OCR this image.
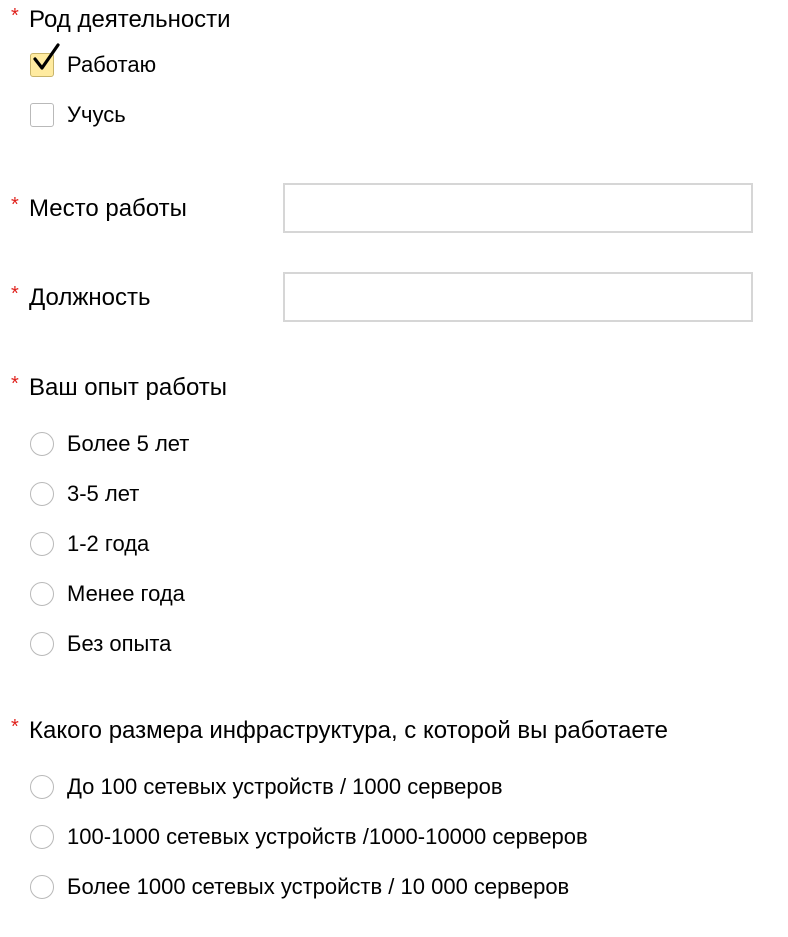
* Род деятельности
Работаю
Учусь
* Место работы
* Должность
* Ваш опыт работы
Более 5 лет
3-5 лет
1-2 года
Менее года
Без опыта
* Какого размера инфраструктура, с которой вы работаете
До 100 сетевых устройств / 1000 серверов
100-1000 сетевых устройств /1000-10000 серверов
Более 1000 сетевых устройств / 10 000 серверов
